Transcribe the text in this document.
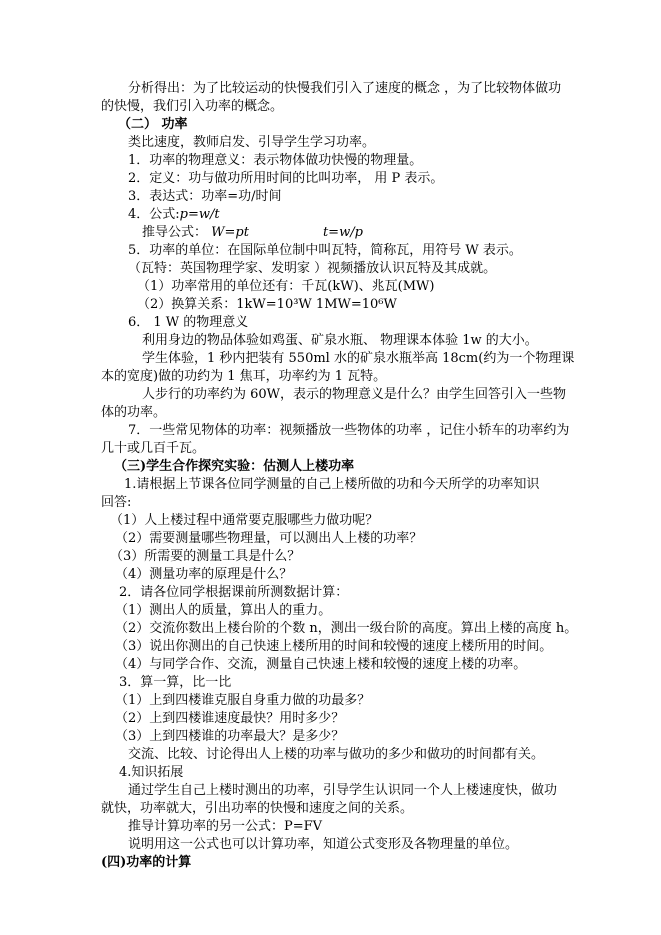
分析得出：为了比较运动的快慢我们引入了速度的概念 ，为了比较物体做功
的快慢，我们引入功率的概念。
（二） 功率
类比速度，教师启发、引导学生学习功率。
1．功率的物理意义：表示物体做功快慢的物理量。
2．定义：功与做功所用时间的比叫功率， 用 P 表示。
3．表达式：功率=功/时间
4．公式:p=w/t
推导公式： W=pt	t=w/p
5．功率的单位：在国际单位制中叫瓦特，简称瓦，用符号 W 表示。
（瓦特：英国物理学家、发明家 ）视频播放认识瓦特及其成就。
（1）功率常用的单位还有：千瓦(kW)、兆瓦(MW)
（2）换算关系：1kW=10³W 1MW=10⁶W
6． 1 W 的物理意义
利用身边的物品体验如鸡蛋、矿泉水瓶、 物理课本体验 1w 的大小。
学生体验，1 秒内把装有 550ml 水的矿泉水瓶举高 18cm(约为一个物理课
本的宽度)做的功约为 1 焦耳，功率约为 1 瓦特。
人步行的功率约为 60W，表示的物理意义是什么？由学生回答引入一些物
体的功率。
7．一些常见物体的功率：视频播放一些物体的功率 ，记住小轿车的功率约为
几十或几百千瓦。
（三)学生合作探究实验：估测人上楼功率
1.请根据上节课各位同学测量的自己上楼所做的功和今天所学的功率知识
回答:
（1）人上楼过程中通常要克服哪些力做功呢？
（2）需要测量哪些物理量，可以测出人上楼的功率？
（3）所需要的测量工具是什么？
（4）测量功率的原理是什么？
2．请各位同学根据课前所测数据计算：
（1）测出人的质量，算出人的重力。
（2）交流你数出上楼台阶的个数 n，测出一级台阶的高度。算出上楼的高度 h。
（3）说出你测出的自己快速上楼所用的时间和较慢的速度上楼所用的时间。
（4）与同学合作、交流，测量自己快速上楼和较慢的速度上楼的功率。
3．算一算，比一比
（1）上到四楼谁克服自身重力做的功最多？
（2）上到四楼谁速度最快？用时多少？
（3）上到四楼谁的功率最大？是多少？
交流、比较、讨论得出人上楼的功率与做功的多少和做功的时间都有关。
4.知识拓展
通过学生自己上楼时测出的功率，引导学生认识同一个人上楼速度快，做功
就快，功率就大，引出功率的快慢和速度之间的关系。
推导计算功率的另一公式：P=FV
说明用这一公式也可以计算功率，知道公式变形及各物理量的单位。
(四)功率的计算
